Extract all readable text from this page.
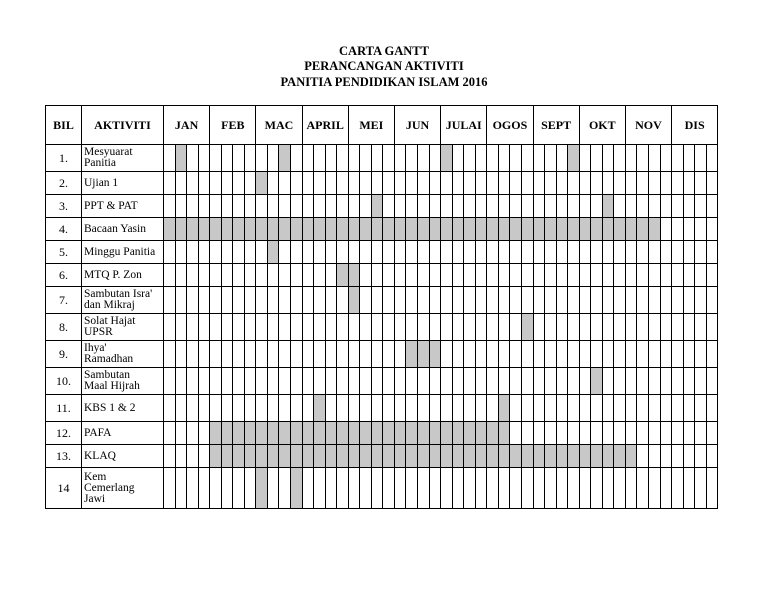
CARTA GANTT
PERANCANGAN AKTIVITI
PANITIA PENDIDIKAN ISLAM 2016
BIL	AKTIVITI	JAN				FEB				MAC				APRIL				MEI				JUN				JULAI				OGOS				SEPT				OKT				NOV				DIS			
1.	Mesyuarat
Panitia																																																

2.	Ujian 1																																																

3.	PPT & PAT																																																

4.	Bacaan Yasin																																																

5.	Minggu Panitia																																																

6.	MTQ P. Zon																																																

7.	Sambutan Isra'
dan Mikraj																																																

8.	Solat Hajat
UPSR																																																

9.	Ihya'
Ramadhan																																																

10.	Sambutan
Maal Hijrah																																																

11.	KBS 1 & 2																																																

12.	PAFA																																																

13.	KLAQ																																																

14	Kem
Cemerlang
Jawi																																																
